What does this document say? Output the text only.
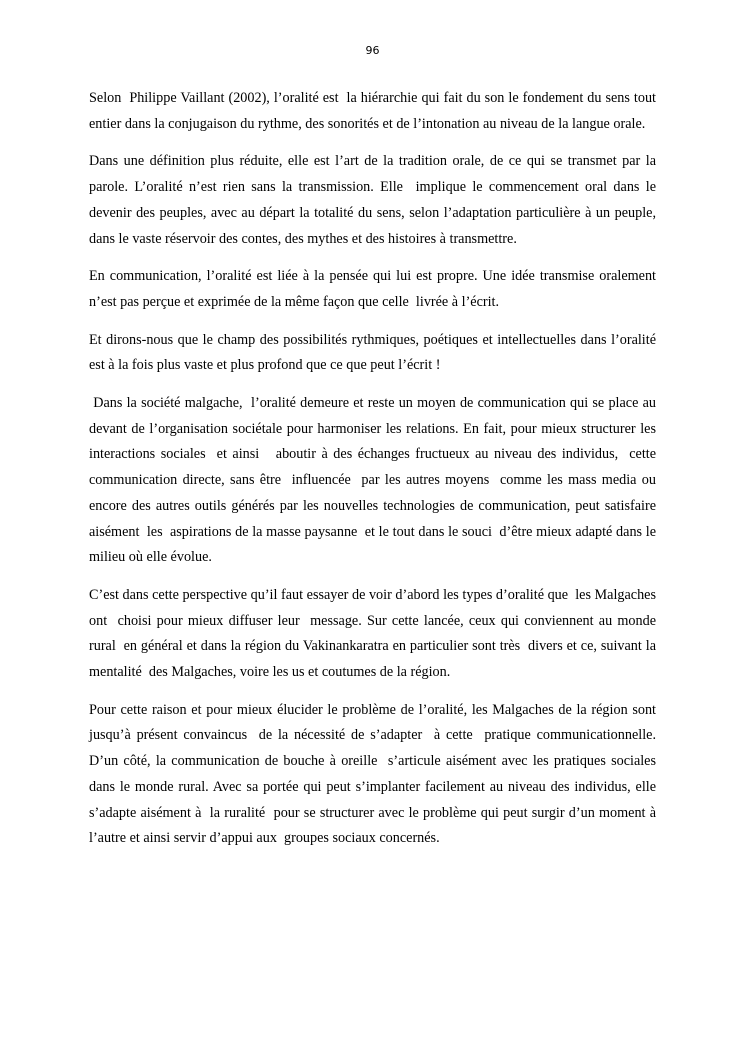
96

Selon  Philippe Vaillant (2002), l’oralité est  la hiérarchie qui fait du son le fondement du sens tout entier dans la conjugaison du rythme, des sonorités et de l’intonation au niveau de la langue orale.

Dans une définition plus réduite, elle est l’art de la tradition orale, de ce qui se transmet par la parole. L’oralité n’est rien sans la transmission. Elle  implique le commencement oral dans le devenir des peuples, avec au départ la totalité du sens, selon l’adaptation particulière à un peuple, dans le vaste réservoir des contes, des mythes et des histoires à transmettre.

En communication, l’oralité est liée à la pensée qui lui est propre. Une idée transmise oralement n’est pas perçue et exprimée de la même façon que celle  livrée à l’écrit.

Et dirons-nous que le champ des possibilités rythmiques, poétiques et intellectuelles dans l’oralité est à la fois plus vaste et plus profond que ce que peut l’écrit !

Dans la société malgache,  l’oralité demeure et reste un moyen de communication qui se place au devant de l’organisation sociétale pour harmoniser les relations. En fait, pour mieux structurer les interactions sociales  et ainsi   aboutir à des échanges fructueux au niveau des individus,  cette communication directe, sans être  influencée  par les autres moyens  comme les mass media ou encore des autres outils générés par les nouvelles technologies de communication, peut satisfaire aisément  les  aspirations de la masse paysanne  et le tout dans le souci  d’être mieux adapté dans le milieu où elle évolue.

C’est dans cette perspective qu’il faut essayer de voir d’abord les types d’oralité que  les Malgaches ont  choisi pour mieux diffuser leur  message. Sur cette lancée, ceux qui conviennent au monde rural  en général et dans la région du Vakinankaratra en particulier sont très  divers et ce, suivant la mentalité  des Malgaches, voire les us et coutumes de la région.

Pour cette raison et pour mieux élucider le problème de l’oralité, les Malgaches de la région sont jusqu’à présent convaincus  de la nécessité de s’adapter  à cette  pratique communicationnelle. D’un côté, la communication de bouche à oreille  s’articule aisément avec les pratiques sociales dans le monde rural. Avec sa portée qui peut s’implanter facilement au niveau des individus, elle s’adapte aisément à  la ruralité  pour se structurer avec le problème qui peut surgir d’un moment à l’autre et ainsi servir d’appui aux  groupes sociaux concernés.
